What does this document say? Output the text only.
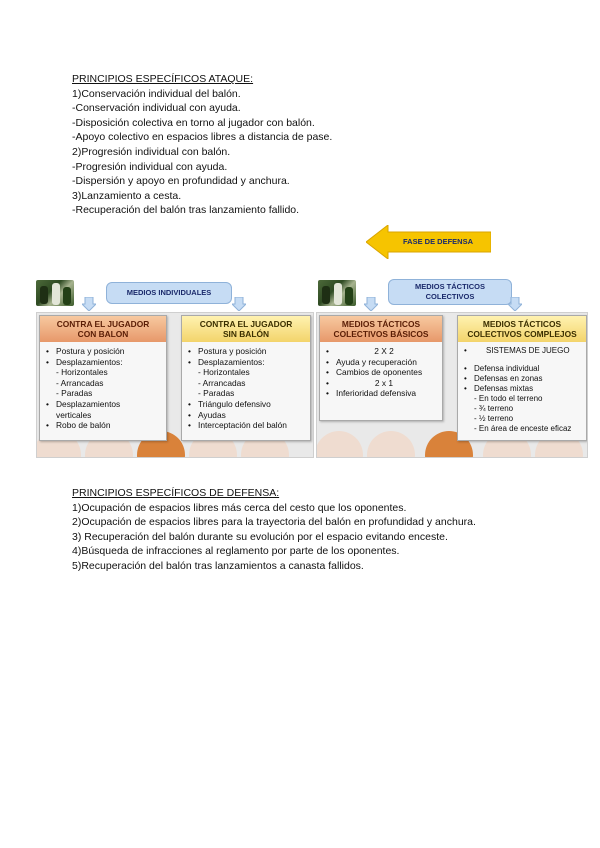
PRINCIPIOS ESPECÍFICOS ATAQUE:
1)Conservación individual del balón.
-Conservación individual con ayuda.
-Disposición colectiva en torno al jugador con balón.
-Apoyo colectivo en espacios libres a distancia de pase.
2)Progresión individual con balón.
-Progresión individual con ayuda.
-Dispersión y apoyo en profundidad y anchura.
3)Lanzamiento a cesta.
-Recuperación del balón tras lanzamiento fallido.
FASE DE DEFENSA
MEDIOS INDIVIDUALES
MEDIOS TÁCTICOS
COLECTIVOS
CONTRA EL JUGADOR
CON BALON
• Postura y posición
• Desplazamientos:
- Horizontales
- Arrancadas
- Paradas
• Desplazamientos
verticales
• Robo de balón
CONTRA EL JUGADOR
SIN BALÓN
• Postura y posición
• Desplazamientos:
- Horizontales
- Arrancadas
- Paradas
• Triángulo defensivo
• Ayudas
• Interceptación del balón
MEDIOS TÁCTICOS
COLECTIVOS BÁSICOS
• 2 X 2
• Ayuda y recuperación
• Cambios de oponentes
• 2 x 1
• Inferioridad defensiva
MEDIOS TÁCTICOS
COLECTIVOS COMPLEJOS
• SISTEMAS DE JUEGO
• Defensa individual
• Defensas en zonas
• Defensas mixtas
- En todo el terreno
- ¾ terreno
- ½ terreno
- En área de enceste eficaz
PRINCIPIOS ESPECÍFICOS DE DEFENSA:
1)Ocupación de espacios libres más cerca del cesto que los oponentes.
2)Ocupación de espacios libres para la trayectoria del balón en profundidad y anchura.
3) Recuperación del balón durante su evolución por el espacio evitando enceste.
4)Búsqueda de infracciones al reglamento por parte de los oponentes.
5)Recuperación del balón tras lanzamientos a canasta fallidos.
